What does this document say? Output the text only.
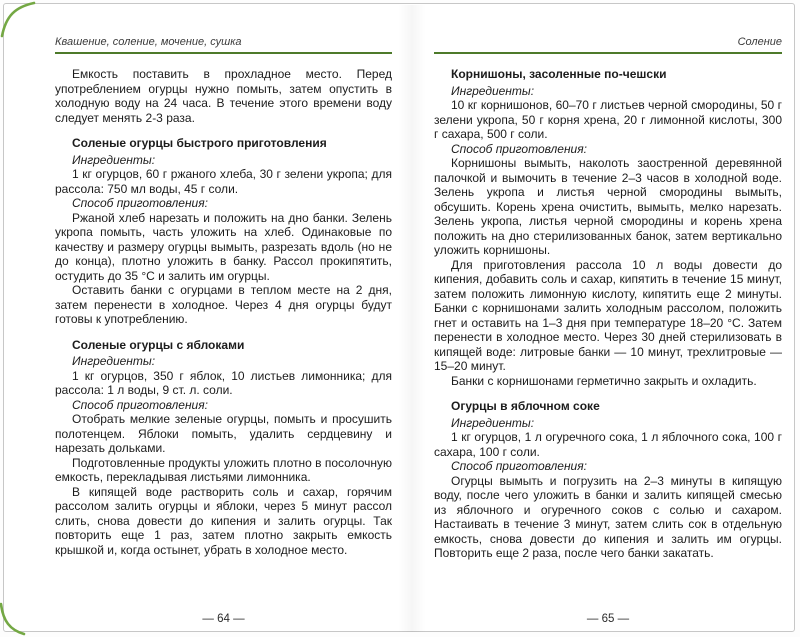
Квашение, соление, мочение, сушка

Емкость поставить в прохладное место. Перед употреблением огурцы нужно помыть, затем опустить в холодную воду на 24 часа. В течение этого времени воду следует менять 2-3 раза.

Соленые огурцы быстрого приготовления

Ингредиенты:

1 кг огурцов, 60 г ржаного хлеба, 30 г зелени укропа; для рассола: 750 мл воды, 45 г соли.

Способ приготовления:

Ржаной хлеб нарезать и положить на дно банки. Зелень укропа помыть, часть уложить на хлеб. Одинаковые по качеству и размеру огурцы вымыть, разрезать вдоль (но не до конца), плотно уложить в банку. Рассол прокипятить, остудить до 35 °С и залить им огурцы.

Оставить банки с огурцами в теплом месте на 2 дня, затем перенести в холодное. Через 4 дня огурцы будут готовы к употреблению.

Соленые огурцы с яблоками

Ингредиенты:

1 кг огурцов, 350 г яблок, 10 листьев лимонника; для рассола: 1 л воды, 9 ст. л. соли.

Способ приготовления:

Отобрать мелкие зеленые огурцы, помыть и просушить полотенцем. Яблоки помыть, удалить сердцевину и нарезать дольками.

Подготовленные продукты уложить плотно в посолочную емкость, перекладывая листьями лимонника.

В кипящей воде растворить соль и сахар, горячим рассолом залить огурцы и яблоки, через 5 минут рассол слить, снова довести до кипения и залить огурцы. Так повторить еще 1 раз, затем плотно закрыть емкость крышкой и, когда остынет, убрать в холодное место.

— 64 —
Соление
Корнишоны, засоленные по-чешски

Ингредиенты:

10 кг корнишонов, 60–70 г листьев черной смородины, 50 г зелени укропа, 50 г корня хрена, 20 г лимонной кислоты, 300 г сахара, 500 г соли.

Способ приготовления:

Корнишоны вымыть, наколоть заостренной деревянной палочкой и вымочить в течение 2–3 часов в холодной воде. Зелень укропа и листья черной смородины вымыть, обсушить. Корень хрена очистить, вымыть, мелко нарезать. Зелень укропа, листья черной смородины и корень хрена положить на дно стерилизованных банок, затем вертикально уложить корнишоны.

Для приготовления рассола 10 л воды довести до кипения, добавить соль и сахар, кипятить в течение 15 минут, затем положить лимонную кислоту, кипятить еще 2 минуты. Банки с корнишонами залить холодным рассолом, положить гнет и оставить на 1–3 дня при температуре 18–20 °С. Затем перенести в холодное место. Через 30 дней стерилизовать в кипящей воде: литровые банки — 10 минут, трехлитровые — 15–20 минут.

Банки с корнишонами герметично закрыть и охладить.

Огурцы в яблочном соке

Ингредиенты:

1 кг огурцов, 1 л огуречного сока, 1 л яблочного сока, 100 г сахара, 100 г соли.

Способ приготовления:

Огурцы вымыть и погрузить на 2–3 минуты в кипящую воду, после чего уложить в банки и залить кипящей смесью из яблочного и огуречного соков с солью и сахаром. Настаивать в течение 3 минут, затем слить сок в отдельную емкость, снова довести до кипения и залить им огурцы. Повторить еще 2 раза, после чего банки закатать.

— 65 —
